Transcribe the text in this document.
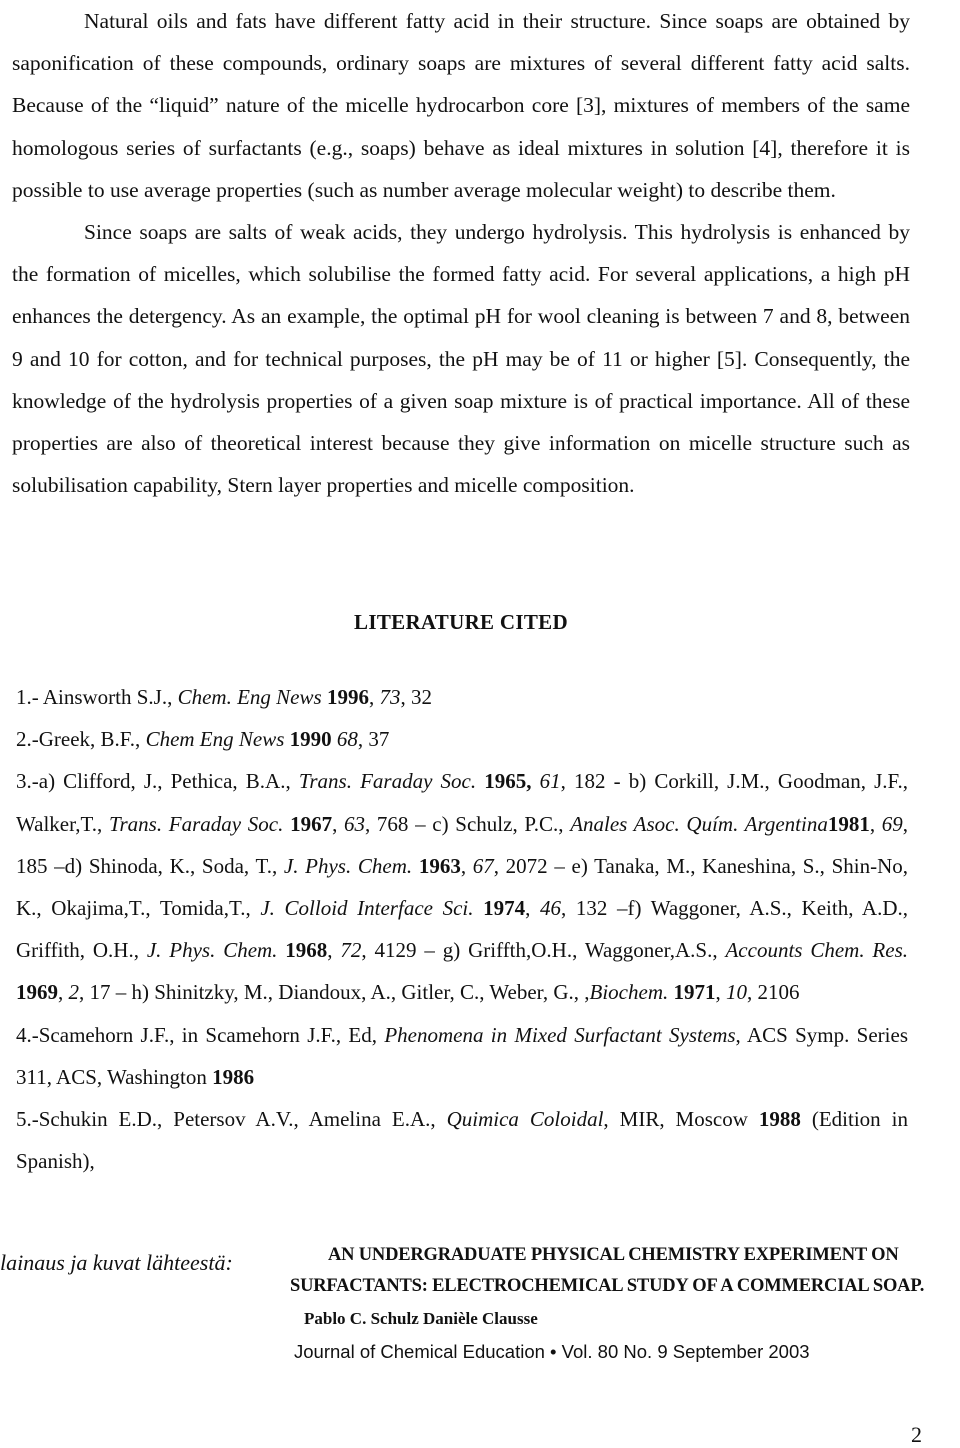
Natural oils and fats have different fatty acid in their structure. Since soaps are obtained by saponification of these compounds, ordinary soaps are mixtures of several different fatty acid salts. Because of the “liquid” nature of the micelle hydrocarbon core [3], mixtures of members of the same homologous series of surfactants (e.g., soaps) behave as ideal mixtures in solution [4], therefore it is possible to use average properties (such as number average molecular weight) to describe them.

Since soaps are salts of weak acids, they undergo hydrolysis. This hydrolysis is enhanced by the formation of micelles, which solubilise the formed fatty acid. For several applications, a high pH enhances the detergency. As an example, the optimal pH for wool cleaning is between 7 and 8, between 9 and 10 for cotton, and for technical purposes, the pH may be of 11 or higher [5]. Consequently, the knowledge of the hydrolysis properties of a given soap mixture is of practical importance. All of these properties are also of theoretical interest because they give information on micelle structure such as solubilisation capability, Stern layer properties and micelle composition.

LITERATURE CITED
1.- Ainsworth S.J., Chem. Eng News 1996, 73, 32
2.-Greek, B.F., Chem Eng News 1990 68, 37
3.-a) Clifford, J., Pethica, B.A., Trans. Faraday Soc. 1965, 61, 182 - b) Corkill, J.M., Goodman, J.F., Walker,T., Trans. Faraday Soc. 1967, 63, 768 – c) Schulz, P.C., Anales Asoc. Quím. Argentina1981, 69, 185 –d) Shinoda, K., Soda, T., J. Phys. Chem. 1963, 67, 2072 – e) Tanaka, M., Kaneshina, S., Shin-No, K., Okajima,T., Tomida,T., J. Colloid Interface Sci. 1974, 46, 132 –f) Waggoner, A.S., Keith, A.D., Griffith, O.H., J. Phys. Chem. 1968, 72, 4129 – g) Griffth,O.H., Waggoner,A.S., Accounts Chem. Res. 1969, 2, 17 – h) Shinitzky, M., Diandoux, A., Gitler, C., Weber, G., ,Biochem. 1971, 10, 2106
4.-Scamehorn J.F., in Scamehorn J.F., Ed, Phenomena in Mixed Surfactant Systems, ACS Symp. Series 311, ACS, Washington 1986
5.-Schukin E.D., Petersov A.V., Amelina E.A., Quimica Coloidal, MIR, Moscow 1988 (Edition in Spanish),
lainaus ja kuvat lähteestä:	AN UNDERGRADUATE PHYSICAL CHEMISTRY EXPERIMENT ON
SURFACTANTS: ELECTROCHEMICAL STUDY OF A COMMERCIAL SOAP.
Pablo C. Schulz Danièle Clausse
Journal of Chemical Education • Vol. 80 No. 9 September 2003
2
